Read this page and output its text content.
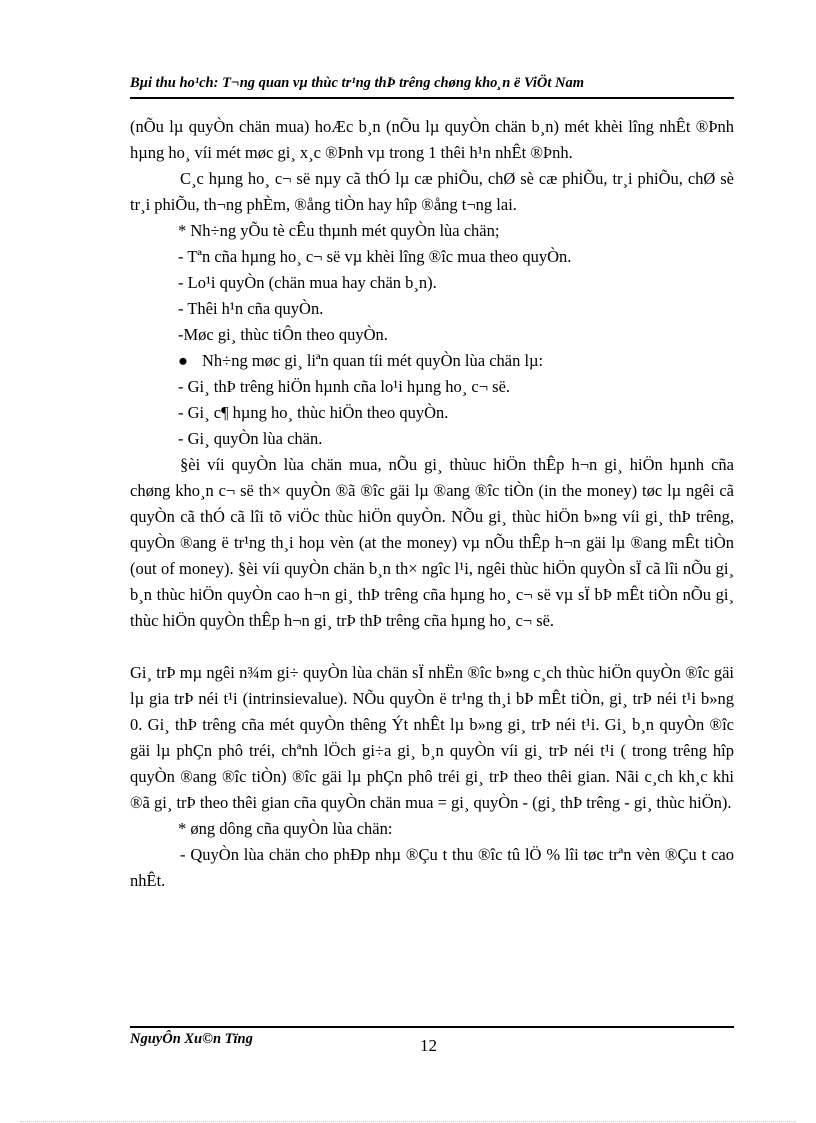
Bµi thu ho¹ch: T¬ng quan vµ thùc tr¹ng thÞ trêng chøng kho¸n ë ViÖt Nam

(nÕu lµ quyÒn chän mua) hoÆc b¸n (nÕu lµ quyÒn chän b¸n) mét khèi lîng nhÊt ®Þnh hµng ho¸ víi mét møc gi¸ x¸c ®Þnh vµ trong 1 thêi h¹n nhÊt ®Þnh.

C¸c hµng ho¸ c¬ së nµy cã thÓ lµ cæ phiÕu, chØ sè cæ phiÕu, tr¸i phiÕu, chØ sè tr¸i phiÕu, th¬ng phÈm, ®ång tiÒn hay hîp ®ång t¬ng lai.

* Nh÷ng yÕu tè cÊu thµnh mét quyÒn lùa chän;

- Tªn cña hµng ho¸ c¬ së vµ khèi lîng ®îc mua theo quyÒn.

- Lo¹i quyÒn (chän mua hay chän b¸n).

- Thêi h¹n cña quyÒn.

-Møc gi¸ thùc tiÔn theo quyÒn.

● Nh÷ng møc gi¸ liªn quan tíi mét quyÒn lùa chän lµ:

- Gi¸ thÞ trêng hiÖn hµnh cña lo¹i hµng ho¸ c¬ së.

- Gi¸ c¶ hµng ho¸ thùc hiÖn theo quyÒn.

- Gi¸ quyÒn lùa chän.

§èi víi quyÒn lùa chän mua, nÕu gi¸ thùuc hiÖn thÊp h¬n gi¸ hiÖn hµnh cña chøng kho¸n c¬ së th× quyÒn ®ã ®îc gäi lµ ®ang ®îc tiÒn (in the money) tøc lµ ngêi cã quyÒn cã thÓ cã lîi tõ viÖc thùc hiÖn quyÒn. NÕu gi¸ thùc hiÖn b»ng víi gi¸ thÞ trêng, quyÒn ®ang ë tr¹ng th¸i hoµ vèn (at the money) vµ nÕu thÊp h¬n gäi lµ ®ang mÊt tiÒn (out of money). §èi víi quyÒn chän b¸n th× ngîc l¹i, ngêi thùc hiÖn quyÒn sÏ cã lîi nÕu gi¸ b¸n thùc hiÖn quyÒn cao h¬n gi¸ thÞ trêng cña hµng ho¸ c¬ së vµ sÏ bÞ mÊt tiÒn nÕu gi¸ thùc hiÖn quyÒn thÊp h¬n gi¸ trÞ thÞ trêng cña hµng ho¸ c¬ së.

Gi¸ trÞ mµ ngêi n¾m gi÷ quyÒn lùa chän sÏ nhËn ®îc b»ng c¸ch thùc hiÖn quyÒn ®îc gäi lµ gia trÞ néi t¹i (intrinsievalue). NÕu quyÒn ë tr¹ng th¸i bÞ mÊt tiÒn, gi¸ trÞ néi t¹i b»ng 0. Gi¸ thÞ trêng cña mét quyÒn thêng Ýt nhÊt lµ b»ng gi¸ trÞ néi t¹i. Gi¸ b¸n quyÒn ®îc gäi lµ phÇn phô tréi, chªnh lÖch gi÷a gi¸ b¸n quyÒn víi gi¸ trÞ néi t¹i ( trong trêng hîp quyÒn ®ang ®îc tiÒn) ®îc gäi lµ phÇn phô tréi gi¸ trÞ theo thêi gian. Nãi c¸ch kh¸c khi ®ã gi¸ trÞ theo thêi gian cña quyÒn chän mua = gi¸ quyÒn - (gi¸ thÞ trêng - gi¸ thùc hiÖn).

* øng dông cña quyÒn lùa chän:

- QuyÒn lùa chän cho phÐp nhµ ®Çu t thu ®îc tû lÖ % lîi tøc trªn vèn ®Çu t cao nhÊt.

NguyÔn Xu©n Tïng	12
